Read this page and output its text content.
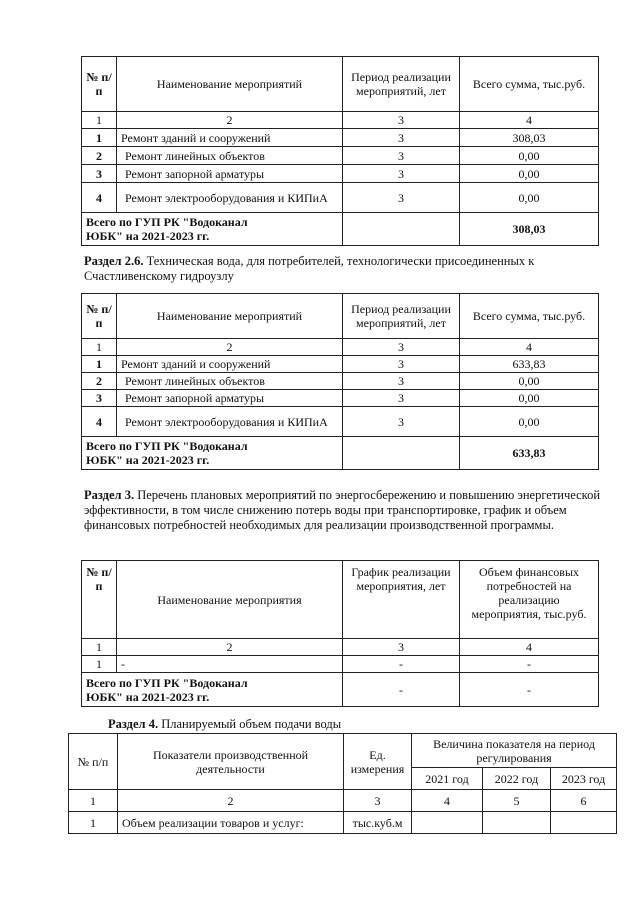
№ п/п	Наименование мероприятий	Период реализации мероприятий, лет	Всего сумма, тыс.руб.
1	2	3	4
1	Ремонт зданий и сооружений	3	308,03
2	Ремонт линейных объектов	3	0,00
3	Ремонт запорной арматуры	3	0,00
4	Ремонт электрооборудования и КИПиА	3	0,00
Всего по ГУП РК "Водоканал ЮБК" на 2021-2023 гг.			308,03
Раздел 2.6. Техническая вода, для потребителей, технологически присоединенных к Счастливенскому гидроузлу
№ п/п	Наименование мероприятий	Период реализации мероприятий, лет	Всего сумма, тыс.руб.
1	2	3	4
1	Ремонт зданий и сооружений	3	633,83
2	Ремонт линейных объектов	3	0,00
3	Ремонт запорной арматуры	3	0,00
4	Ремонт электрооборудования и КИПиА	3	0,00
Всего по ГУП РК "Водоканал ЮБК" на 2021-2023 гг.			633,83
Раздел 3. Перечень плановых мероприятий по энергосбережению и повышению энергетической эффективности, в том числе снижению потерь воды при транспортировке, график и объем финансовых потребностей необходимых для реализации производственной программы.
№ п/п	Наименование мероприятия	График реализации мероприятия, лет	Объем финансовых потребностей на реализацию мероприятия, тыс.руб.
1	2	3	4
1	-	-	-
Всего по ГУП РК "Водоканал ЮБК" на 2021-2023 гг.		-	-
Раздел 4. Планируемый объем подачи воды
№ п/п	Показатели производственной деятельности	Ед. измерения	Величина показателя на период регулирования		
			2021 год	2022 год	2023 год
1	2	3	4	5	6
1	Объем реализации товаров и услуг:	тыс.куб.м			
